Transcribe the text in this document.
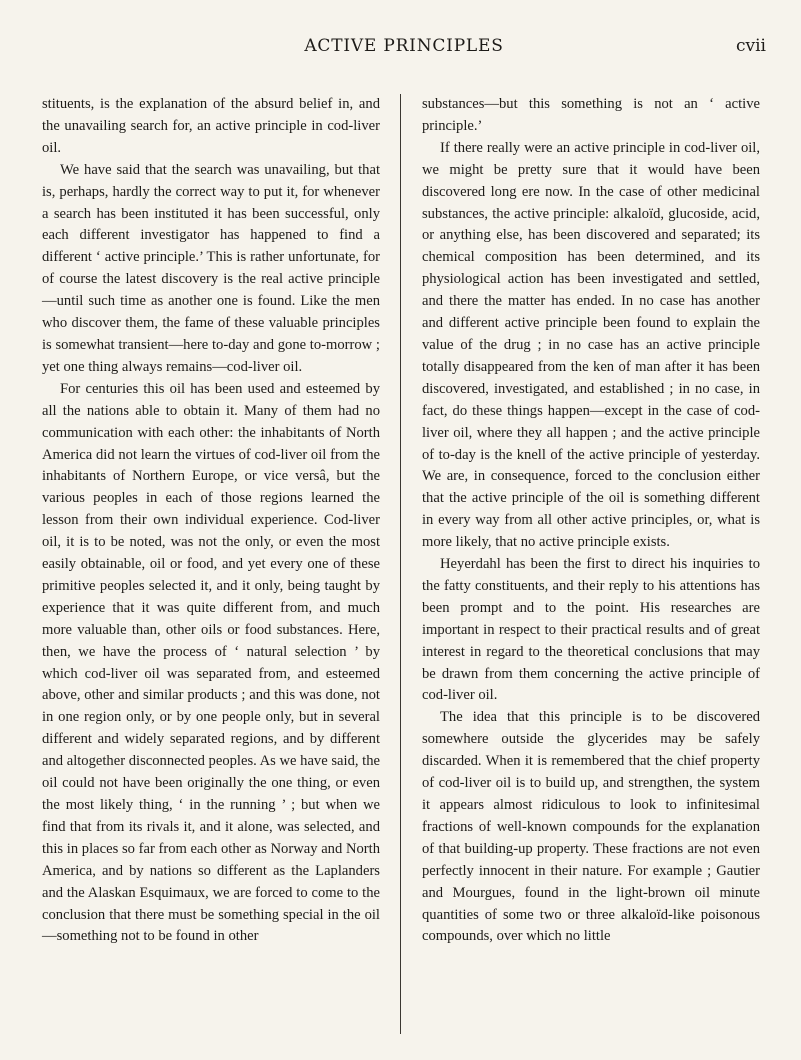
ACTIVE PRINCIPLES	cvii

stituents, is the explanation of the absurd belief in, and the unavailing search for, an active principle in cod-liver oil.

We have said that the search was unavailing, but that is, perhaps, hardly the correct way to put it, for whenever a search has been instituted it has been successful, only each different investigator has happened to find a different ‘ active principle.’ This is rather unfortunate, for of course the latest discovery is the real active principle—until such time as another one is found. Like the men who discover them, the fame of these valuable principles is somewhat transient—here to-day and gone to-morrow ; yet one thing always remains—cod-liver oil.

For centuries this oil has been used and esteemed by all the nations able to obtain it. Many of them had no communication with each other: the inhabitants of North America did not learn the virtues of cod-liver oil from the inhabitants of Northern Europe, or vice versâ, but the various peoples in each of those regions learned the lesson from their own individual experience. Cod-liver oil, it is to be noted, was not the only, or even the most easily obtainable, oil or food, and yet every one of these primitive peoples selected it, and it only, being taught by experience that it was quite different from, and much more valuable than, other oils or food substances. Here, then, we have the process of ‘ natural selection ’ by which cod-liver oil was separated from, and esteemed above, other and similar products ; and this was done, not in one region only, or by one people only, but in several different and widely separated regions, and by different and altogether disconnected peoples. As we have said, the oil could not have been originally the one thing, or even the most likely thing, ‘ in the running ’ ; but when we find that from its rivals it, and it alone, was selected, and this in places so far from each other as Norway and North America, and by nations so different as the Laplanders and the Alaskan Esquimaux, we are forced to come to the conclusion that there must be something special in the oil—something not to be found in other

substances—but this something is not an ‘ active principle.’

If there really were an active principle in cod-liver oil, we might be pretty sure that it would have been discovered long ere now. In the case of other medicinal substances, the active principle: alkaloïd, glucoside, acid, or anything else, has been discovered and separated; its chemical composition has been determined, and its physiological action has been investigated and settled, and there the matter has ended. In no case has another and different active principle been found to explain the value of the drug ; in no case has an active principle totally disappeared from the ken of man after it has been discovered, investigated, and established ; in no case, in fact, do these things happen—except in the case of cod-liver oil, where they all happen ; and the active principle of to-day is the knell of the active principle of yesterday. We are, in consequence, forced to the conclusion either that the active principle of the oil is something different in every way from all other active principles, or, what is more likely, that no active principle exists.

Heyerdahl has been the first to direct his inquiries to the fatty constituents, and their reply to his attentions has been prompt and to the point. His researches are important in respect to their practical results and of great interest in regard to the theoretical conclusions that may be drawn from them concerning the active principle of cod-liver oil.

The idea that this principle is to be discovered somewhere outside the glycerides may be safely discarded. When it is remembered that the chief property of cod-liver oil is to build up, and strengthen, the system it appears almost ridiculous to look to infinitesimal fractions of well-known compounds for the explanation of that building-up property. These fractions are not even perfectly innocent in their nature. For example ; Gautier and Mourgues, found in the light-brown oil minute quantities of some two or three alkaloïd-like poisonous compounds, over which no little
